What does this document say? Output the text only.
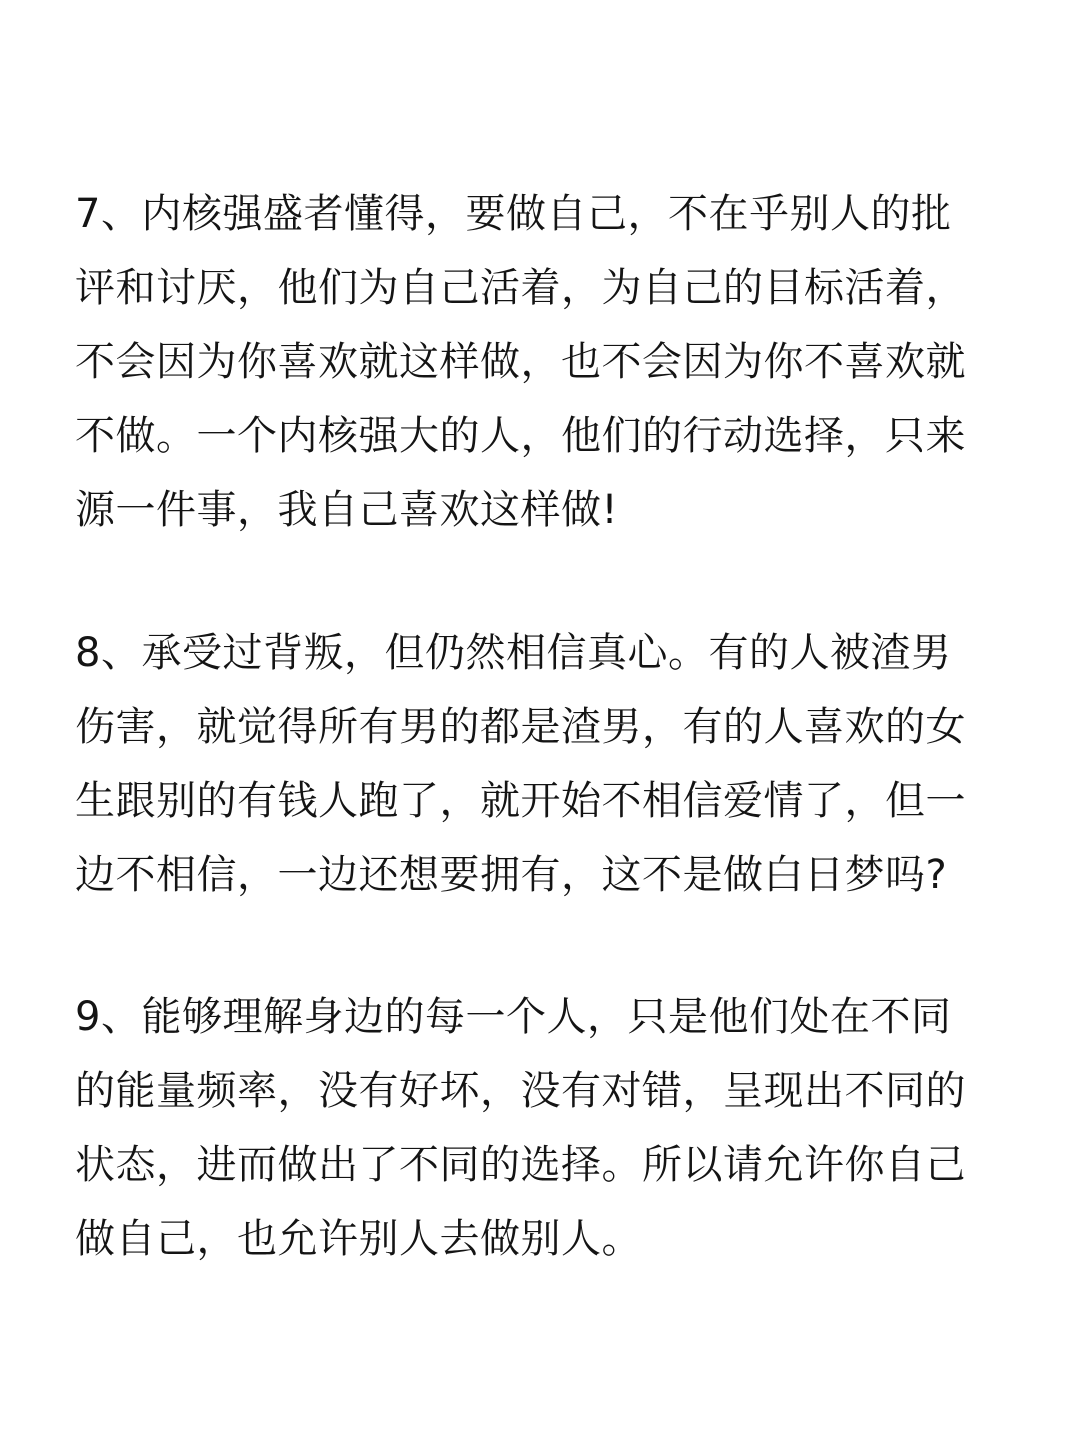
7、内核强盛者懂得，要做自己，不在乎别人的批
评和讨厌，他们为自己活着，为自己的目标活着，
不会因为你喜欢就这样做，也不会因为你不喜欢就
不做。一个内核强大的人，他们的行动选择，只来
源一件事，我自己喜欢这样做!
8、承受过背叛，但仍然相信真心。有的人被渣男
伤害，就觉得所有男的都是渣男，有的人喜欢的女
生跟别的有钱人跑了，就开始不相信爱情了，但一
边不相信，一边还想要拥有，这不是做白日梦吗?
9、能够理解身边的每一个人，只是他们处在不同
的能量频率，没有好坏，没有对错，呈现出不同的
状态，进而做出了不同的选择。所以请允许你自己
做自己，也允许别人去做别人。
